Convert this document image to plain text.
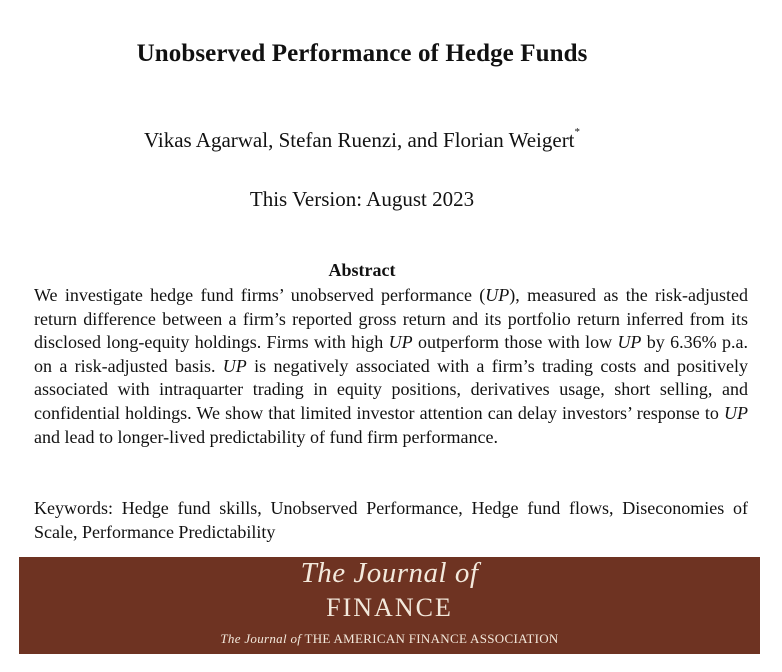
Unobserved Performance of Hedge Funds
Vikas Agarwal, Stefan Ruenzi, and Florian Weigert*
This Version: August 2023
Abstract
We investigate hedge fund firms’ unobserved performance (UP), measured as the risk-adjusted return difference between a firm’s reported gross return and its portfolio return inferred from its disclosed long-equity holdings. Firms with high UP outperform those with low UP by 6.36% p.a. on a risk-adjusted basis. UP is negatively associated with a firm’s trading costs and positively associated with intraquarter trading in equity positions, derivatives usage, short selling, and confidential holdings. We show that limited investor attention can delay investors’ response to UP and lead to longer-lived predictability of fund firm performance.
Keywords: Hedge fund skills, Unobserved Performance, Hedge fund flows, Diseconomies of Scale, Performance Predictability
The Journal of
FINANCE
The Journal of THE AMERICAN FINANCE ASSOCIATION
